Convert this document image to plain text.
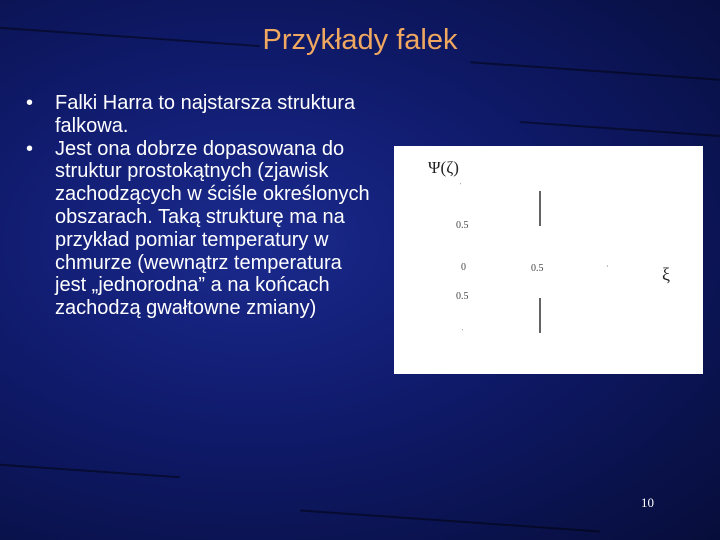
Przykłady falek
• Falki Harra to najstarsza struktura falkowa.
• Jest ona dobrze dopasowana do struktur prostokątnych (zjawisk zachodzących w ściśle określonych obszarach. Taką strukturę ma na przykład pomiar temperatury w chmurze (wewnątrz temperatura jest „jednorodna” a na końcach zachodzą gwałtowne zmiany)
Ψ(ζ)
'
0.5
0	0.5	·	ξ
0.5
'
10
